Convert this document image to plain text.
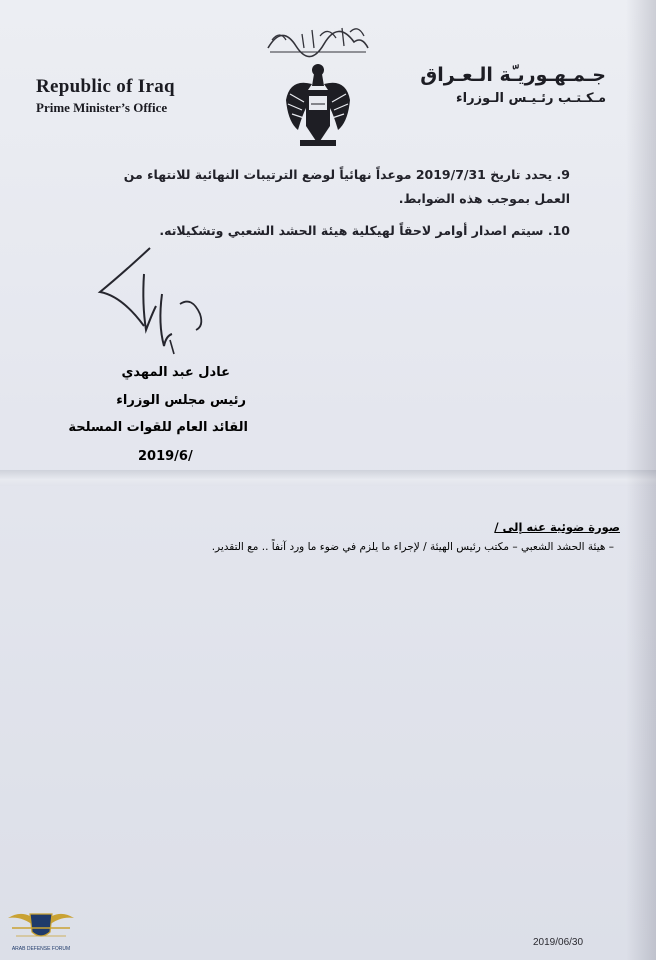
Republic of Iraq
Prime Minister’s Office
جـمـهـوريـّة الـعـراق
مـكـتـب رئـيـس الـوزراء
9. يحدد تاريخ 2019/7/31 موعداً نهائياً لوضع الترتيبات النهائية للانتهاء من العمل بموجب هذه الضوابط.
10. سيتم اصدار أوامر لاحقاً لهيكلية هيئة الحشد الشعبي وتشكيلاته.
عادل عبد المهدي
رئيس مجلس الوزراء
القائد العام للقوات المسلحة
2019/6/
صورة ضوئية عنه إلى /
– هيئة الحشد الشعبي – مكتب رئيس الهيئة / لإجراء ما يلزم في ضوء ما ورد آنفاً .. مع التقدير.
2019/06/30
ARAB DEFENSE FORUM
